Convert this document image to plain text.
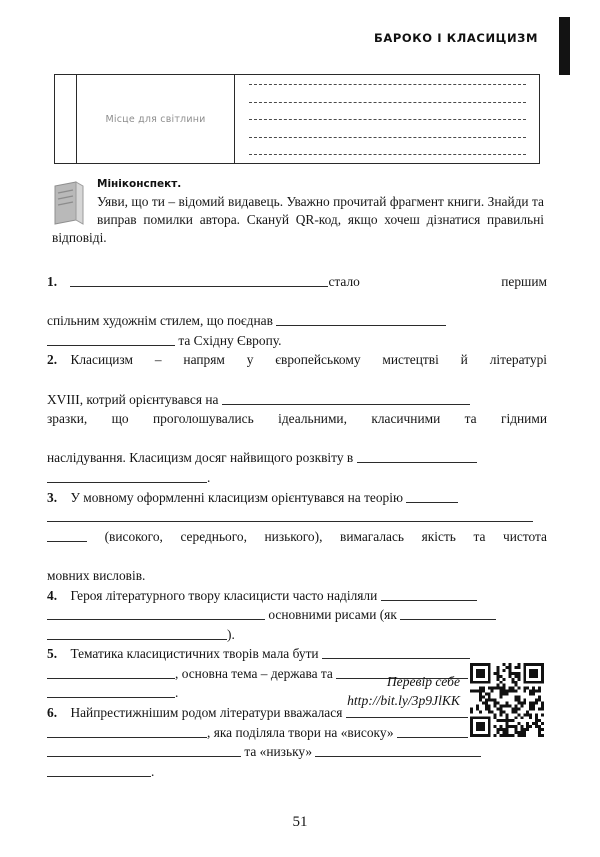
БАРОКО І КЛАСИЦИЗМ
Місце для світлини
Мініконспект.
Уяви, що ти – відомий видавець. Уважно прочитай фрагмент книги. Знайди та виправ помилки автора. Скануй QR-код, якщо хочеш дізнатися правильні відповіді.
1. 	стало першим
спільним художнім стилем, що поєднав
та Східну Європу.
2. Класицизм – напрям у європейському мистецтві й літературі
XVIII, котрий орієнтувався на
зразки, що проголошувались ідеальними, класичними та гідними
наслідування. Класицизм досяг найвищого розквіту в
.
3. У мовному оформленні класицизм орієнтувався на теорію
(високого, середнього, низького), вимагалась якість та чистота
мовних висловів.
4. Героя літературного твору класицисти часто наділяли
основними рисами (як
).
5. Тематика класицистичних творів мала бути
, основна тема – держава та
.
6. Найпрестижнішим родом літератури вважалася
, яка поділяла твори на «високу»
та «низьку»
.
Перевір себе
http://bit.ly/3p9JlKK
51
